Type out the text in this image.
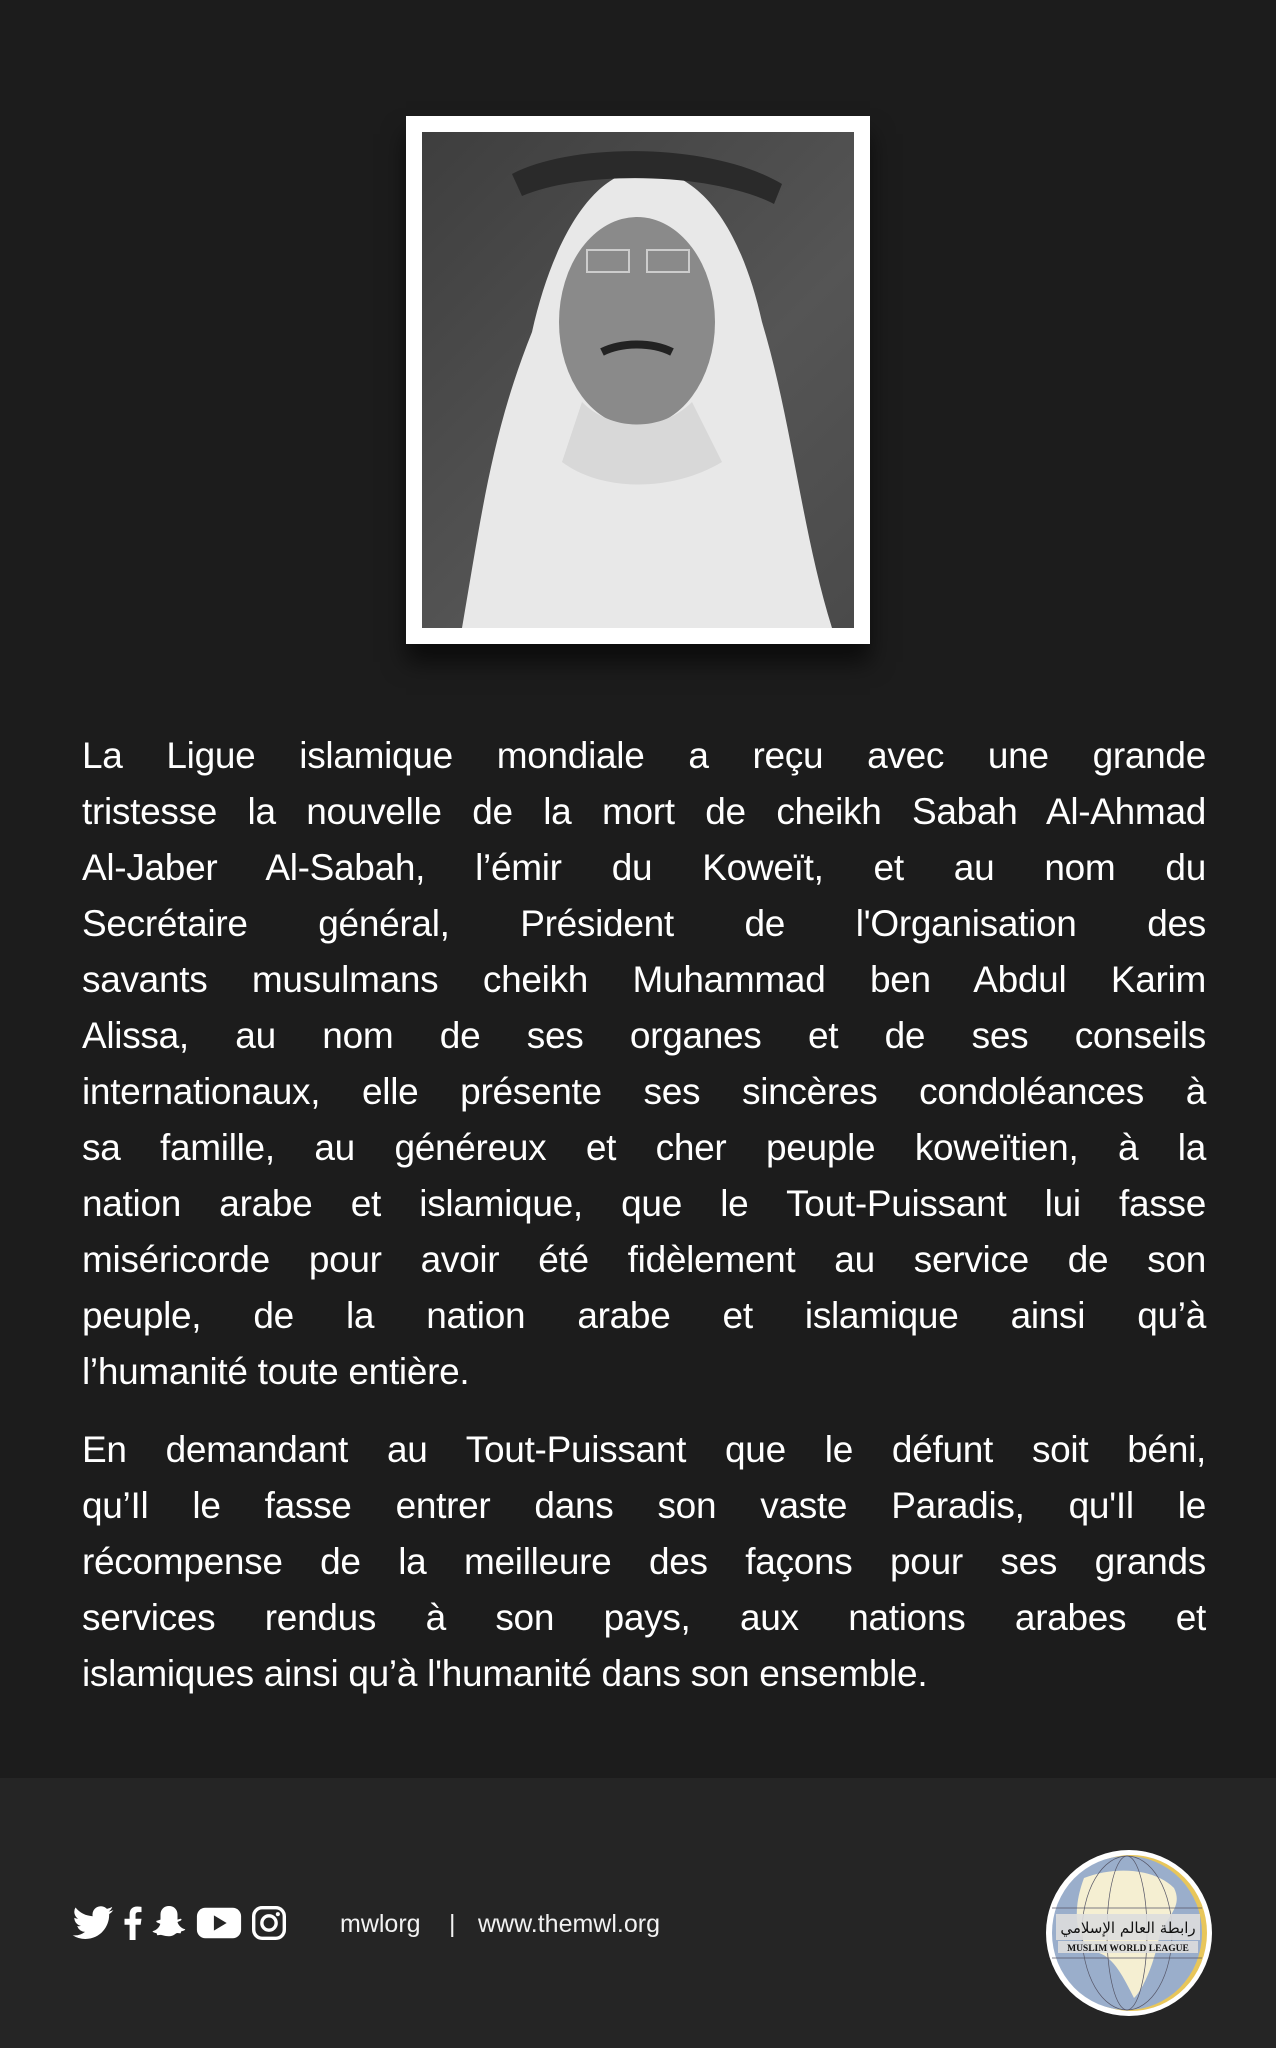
La Ligue islamique mondiale a reçu avec une grande
tristesse la nouvelle de la mort de cheikh Sabah Al-Ahmad
Al-Jaber Al-Sabah, l’émir du Koweït, et au nom du
Secrétaire général, Président de l'Organisation des
savants musulmans cheikh Muhammad ben Abdul Karim
Alissa, au nom de ses organes et de ses conseils
internationaux, elle présente ses sincères condoléances à
sa famille, au généreux et cher peuple koweïtien, à la
nation arabe et islamique, que le Tout-Puissant lui fasse
miséricorde pour avoir été fidèlement au service de son
peuple, de la nation arabe et islamique ainsi qu’à
l’humanité toute entière.
En demandant au Tout-Puissant que le défunt soit béni,
qu’Il le fasse entrer dans son vaste Paradis, qu'Il le
récompense de la meilleure des façons pour ses grands
services rendus à son pays, aux nations arabes et
islamiques ainsi qu’à l'humanité dans son ensemble.
mwlorg | www.themwl.org	رابطة العالم الإسلامي
MUSLIM WORLD LEAGUE
